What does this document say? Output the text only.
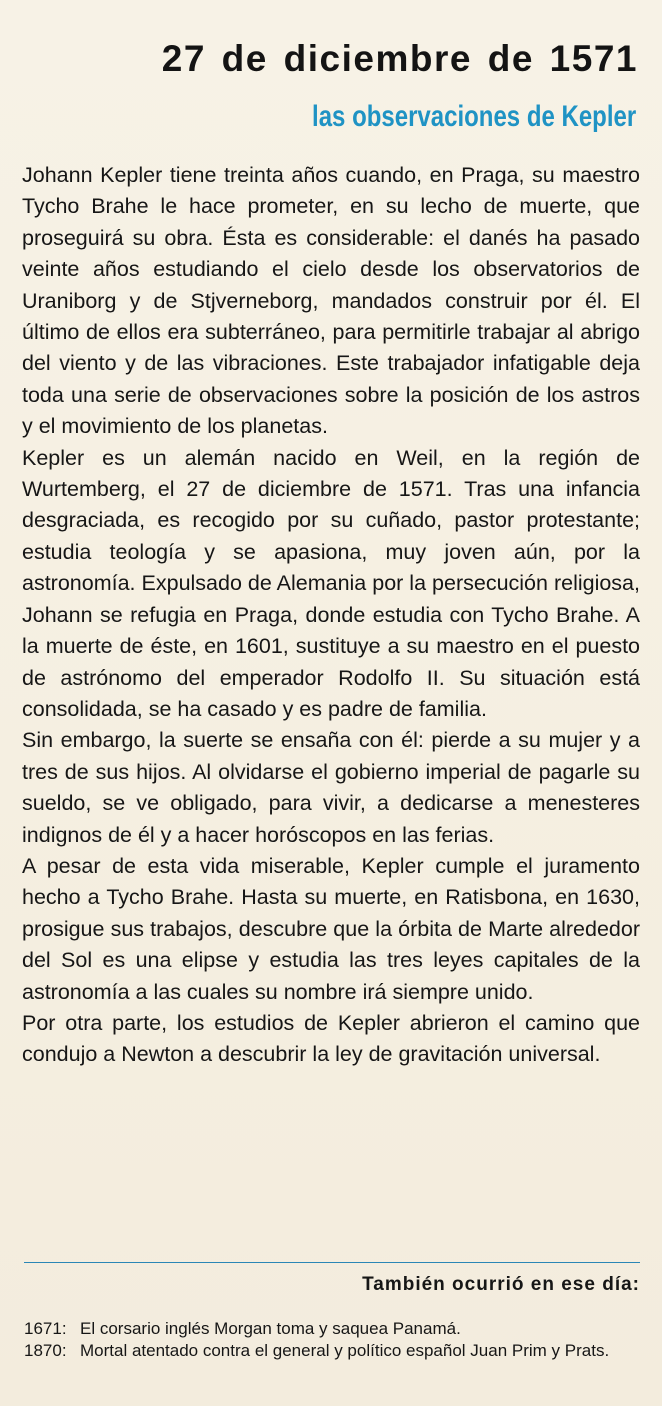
27 de diciembre de 1571
las observaciones de Kepler

Johann Kepler tiene treinta años cuando, en Praga, su maestro Tycho Brahe le hace prometer, en su lecho de muerte, que proseguirá su obra. Ésta es considerable: el danés ha pasado veinte años estudiando el cielo desde los observatorios de Uraniborg y de Stjverneborg, mandados construir por él. El último de ellos era subterráneo, para permitirle trabajar al abrigo del viento y de las vibraciones. Este trabajador infatigable deja toda una serie de observaciones sobre la posición de los astros y el movimiento de los planetas.

Kepler es un alemán nacido en Weil, en la región de Wurtemberg, el 27 de diciembre de 1571. Tras una infancia desgraciada, es recogido por su cuñado, pastor protestante; estudia teología y se apasiona, muy joven aún, por la astronomía. Expulsado de Alemania por la persecución religiosa, Johann se refugia en Praga, donde estudia con Tycho Brahe. A la muerte de éste, en 1601, sustituye a su maestro en el puesto de astrónomo del emperador Rodolfo II. Su situación está consolidada, se ha casado y es padre de familia.

Sin embargo, la suerte se ensaña con él: pierde a su mujer y a tres de sus hijos. Al olvidarse el gobierno imperial de pagarle su sueldo, se ve obligado, para vivir, a dedicarse a menesteres indignos de él y a hacer horóscopos en las ferias.

A pesar de esta vida miserable, Kepler cumple el juramento hecho a Tycho Brahe. Hasta su muerte, en Ratisbona, en 1630, prosigue sus trabajos, descubre que la órbita de Marte alrededor del Sol es una elipse y estudia las tres leyes capitales de la astronomía a las cuales su nombre irá siempre unido.

Por otra parte, los estudios de Kepler abrieron el camino que condujo a Newton a descubrir la ley de gravitación universal.

También ocurrió en ese día:
1671: El corsario inglés Morgan toma y saquea Panamá.
1870: Mortal atentado contra el general y político español Juan Prim y Prats.
